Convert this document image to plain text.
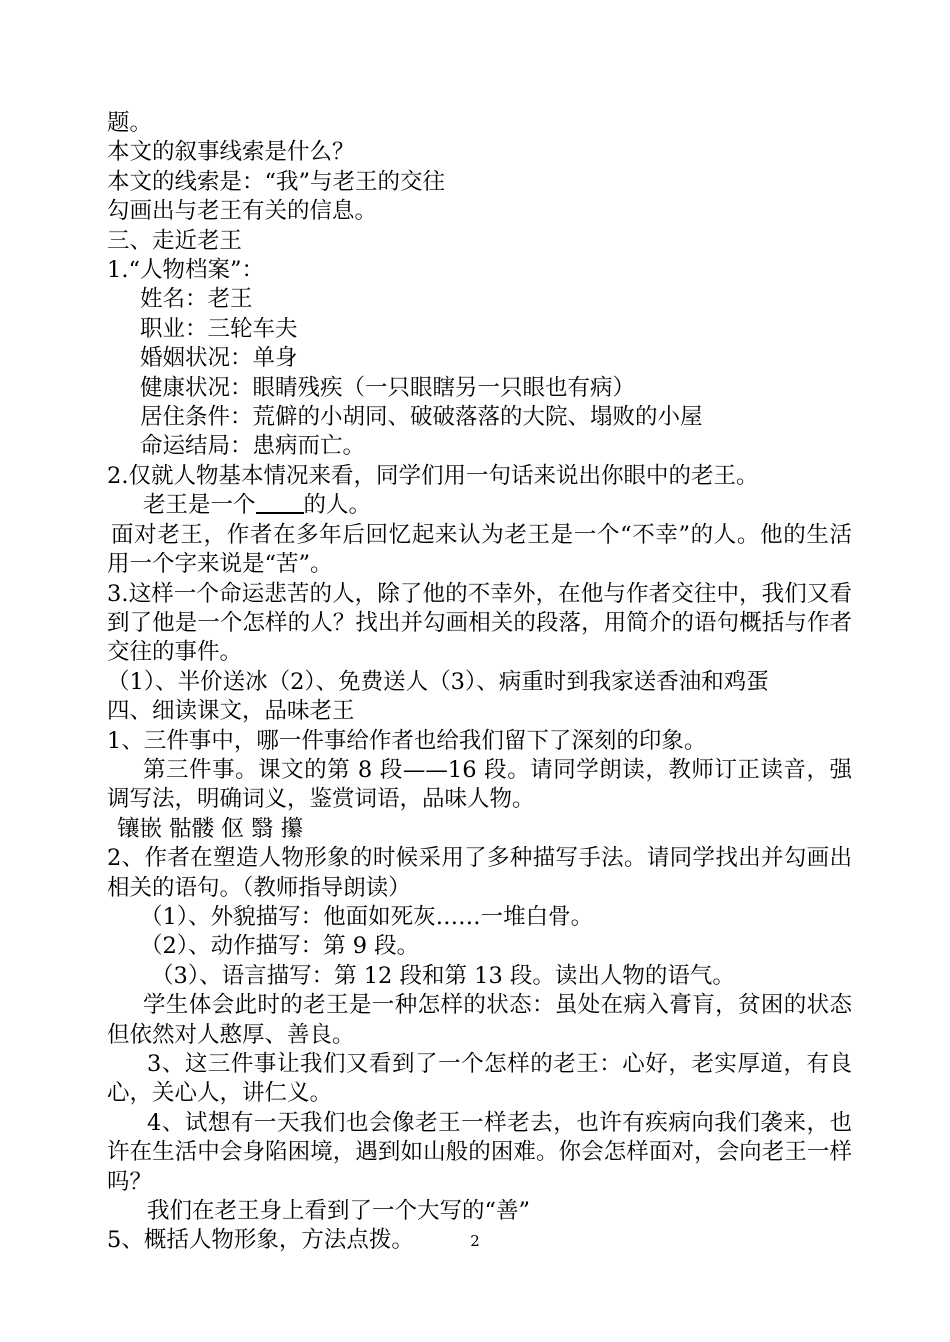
题。

本文的叙事线索是什么？

本文的线索是：“我”与老王的交往

勾画出与老王有关的信息。

三、走近老王

1.“人物档案”：

姓名：老王

职业：三轮车夫

婚姻状况：单身

健康状况：眼睛残疾（一只眼瞎另一只眼也有病）

居住条件：荒僻的小胡同、破破落落的大院、塌败的小屋

命运结局：患病而亡。

2.仅就人物基本情况来看，同学们用一句话来说出你眼中的老王。

老王是一个 的人。

面对老王，作者在多年后回忆起来认为老王是一个“不幸”的人。他的生活用一个字来说是“苦”。

3.这样一个命运悲苦的人，除了他的不幸外，在他与作者交往中，我们又看到了他是一个怎样的人？找出并勾画相关的段落，用简介的语句概括与作者交往的事件。

（1）、半价送冰（2）、免费送人（3）、病重时到我家送香油和鸡蛋

四、细读课文，品味老王

1、三件事中，哪一件事给作者也给我们留下了深刻的印象。

第三件事。课文的第 8 段——16 段。请同学朗读，教师订正读音，强调写法，明确词义，鉴赏词语，品味人物。

镶嵌 骷髅 伛 翳 攥

2、作者在塑造人物形象的时候采用了多种描写手法。请同学找出并勾画出相关的语句。（教师指导朗读）

（1）、外貌描写：他面如死灰……一堆白骨。

（2）、动作描写：第 9 段。

（3）、语言描写：第 12 段和第 13 段。读出人物的语气。

学生体会此时的老王是一种怎样的状态：虽处在病入膏肓，贫困的状态但依然对人憨厚、善良。

3、这三件事让我们又看到了一个怎样的老王：心好，老实厚道，有良心，关心人，讲仁义。

4、试想有一天我们也会像老王一样老去，也许有疾病向我们袭来，也许在生活中会身陷困境，遇到如山般的困难。你会怎样面对，会向老王一样吗？

我们在老王身上看到了一个大写的“善”

5、概括人物形象，方法点拨。	2
